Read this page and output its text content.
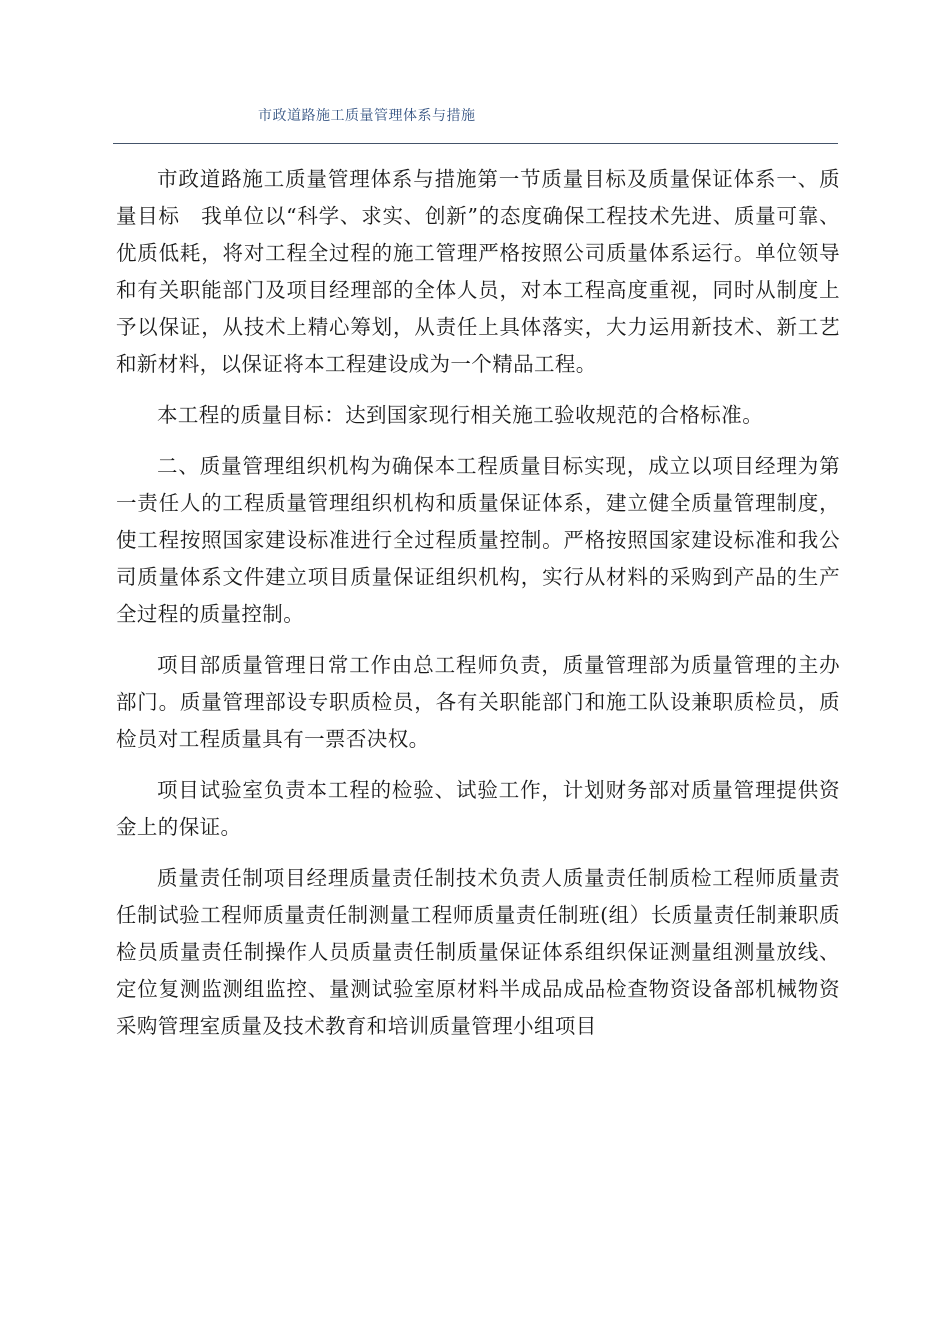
市政道路施工质量管理体系与措施

市政道路施工质量管理体系与措施第一节质量目标及质量保证体系一、质量目标　我单位以“科学、求实、创新”的态度确保工程技术先进、质量可靠、优质低耗，将对工程全过程的施工管理严格按照公司质量体系运行。单位领导和有关职能部门及项目经理部的全体人员，对本工程高度重视，同时从制度上予以保证，从技术上精心筹划，从责任上具体落实，大力运用新技术、新工艺和新材料，以保证将本工程建设成为一个精品工程。

本工程的质量目标：达到国家现行相关施工验收规范的合格标准。

二、质量管理组织机构为确保本工程质量目标实现，成立以项目经理为第一责任人的工程质量管理组织机构和质量保证体系，建立健全质量管理制度，使工程按照国家建设标准进行全过程质量控制。严格按照国家建设标准和我公司质量体系文件建立项目质量保证组织机构，实行从材料的采购到产品的生产全过程的质量控制。

项目部质量管理日常工作由总工程师负责，质量管理部为质量管理的主办部门。质量管理部设专职质检员，各有关职能部门和施工队设兼职质检员，质检员对工程质量具有一票否决权。

项目试验室负责本工程的检验、试验工作，计划财务部对质量管理提供资金上的保证。

质量责任制项目经理质量责任制技术负责人质量责任制质检工程师质量责任制试验工程师质量责任制测量工程师质量责任制班(组）长质量责任制兼职质检员质量责任制操作人员质量责任制质量保证体系组织保证测量组测量放线、定位复测监测组监控、量测试验室原材料半成品成品检查物资设备部机械物资采购管理室质量及技术教育和培训质量管理小组项目
